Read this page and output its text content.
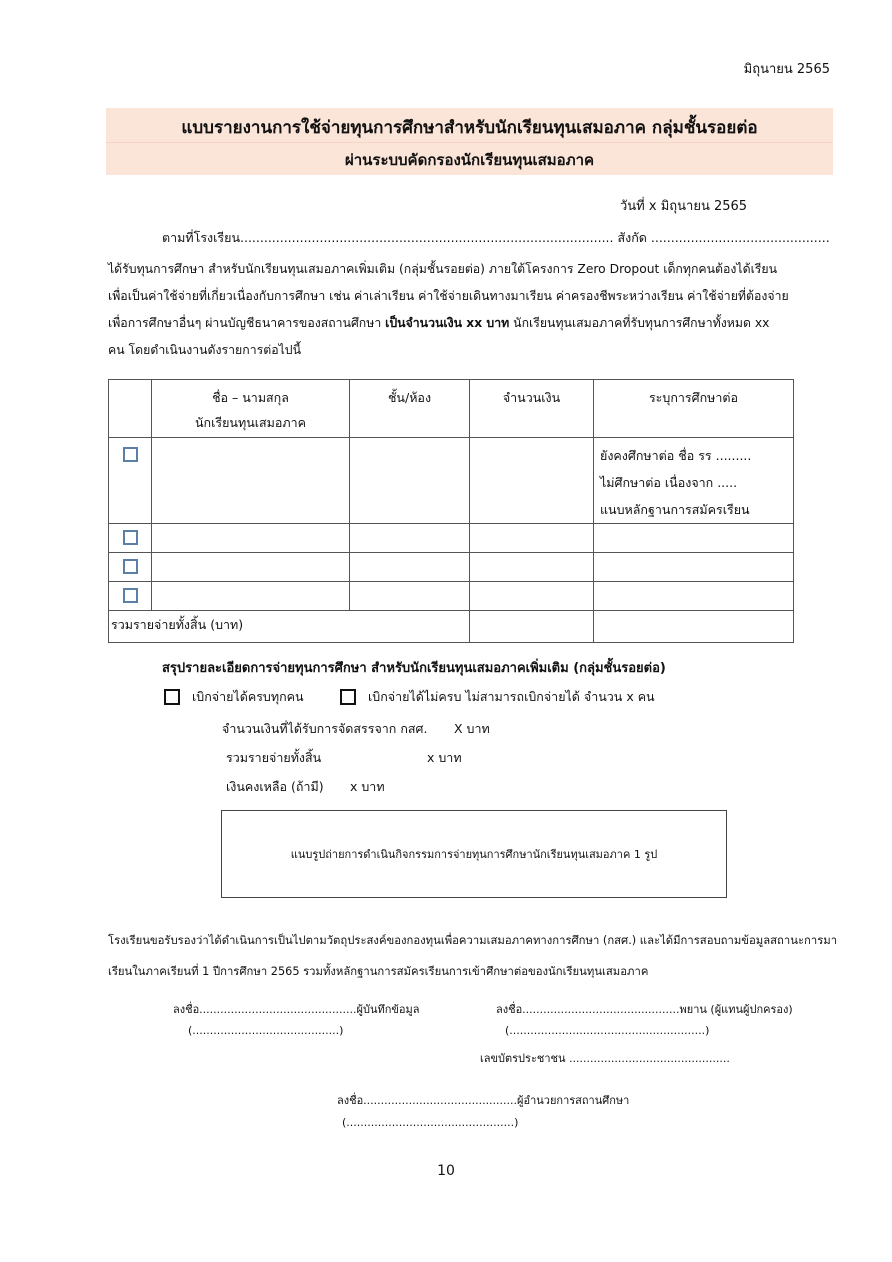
มิถุนายน 2565
แบบรายงานการใช้จ่ายทุนการศึกษาสำหรับนักเรียนทุนเสมอภาค กลุ่มชั้นรอยต่อ
ผ่านระบบคัดกรองนักเรียนทุนเสมอภาค
วันที่ x มิถุนายน 2565
ตามที่โรงเรียน.............................................................................................. สังกัด .............................................
ได้รับทุนการศึกษา สำหรับนักเรียนทุนเสมอภาคเพิ่มเติม (กลุ่มชั้นรอยต่อ) ภายใต้โครงการ Zero Dropout เด็กทุกคนต้องได้เรียน
เพื่อเป็นค่าใช้จ่ายที่เกี่ยวเนื่องกับการศึกษา เช่น ค่าเล่าเรียน ค่าใช้จ่ายเดินทางมาเรียน ค่าครองชีพระหว่างเรียน ค่าใช้จ่ายที่ต้องจ่าย
เพื่อการศึกษาอื่นๆ ผ่านบัญชีธนาคารของสถานศึกษา เป็นจำนวนเงิน xx บาท นักเรียนทุนเสมอภาคที่รับทุนการศึกษาทั้งหมด xx
คน โดยดำเนินงานดังรายการต่อไปนี้

	ชื่อ – นามสกุล
นักเรียนทุนเสมอภาค	ชั้น/ห้อง	จำนวนเงิน	ระบุการศึกษาต่อ

				ยังคงศึกษาต่อ ชื่อ รร .........
ไม่ศึกษาต่อ เนื่องจาก .....
แนบหลักฐานการสมัครเรียน

รวมรายจ่ายทั้งสิ้น (บาท)				
สรุปรายละเอียดการจ่ายทุนการศึกษา สำหรับนักเรียนทุนเสมอภาคเพิ่มเติม (กลุ่มชั้นรอยต่อ)
เบิกจ่ายได้ครบทุกคน	เบิกจ่ายได้ไม่ครบ ไม่สามารถเบิกจ่ายได้ จำนวน x คน
จำนวนเงินที่ได้รับการจัดสรรจาก กสศ. X บาท
รวมรายจ่ายทั้งสิ้น	x บาท
เงินคงเหลือ (ถ้ามี) x บาท
แนบรูปถ่ายการดำเนินกิจกรรมการจ่ายทุนการศึกษานักเรียนทุนเสมอภาค 1 รูป
โรงเรียนขอรับรองว่าได้ดำเนินการเป็นไปตามวัตถุประสงค์ของกองทุนเพื่อความเสมอภาคทางการศึกษา (กสศ.) และได้มีการสอบถามข้อมูลสถานะการมา
เรียนในภาคเรียนที่ 1 ปีการศึกษา 2565 รวมทั้งหลักฐานการสมัครเรียนการเข้าศึกษาต่อของนักเรียนทุนเสมอภาค
ลงชื่อ.............................................ผู้บันทึกข้อมูล
(..........................................)
ลงชื่อ.............................................พยาน (ผู้แทนผู้ปกครอง)
(........................................................)
เลขบัตรประชาชน ..............................................
ลงชื่อ............................................ผู้อำนวยการสถานศึกษา
(................................................)
10
